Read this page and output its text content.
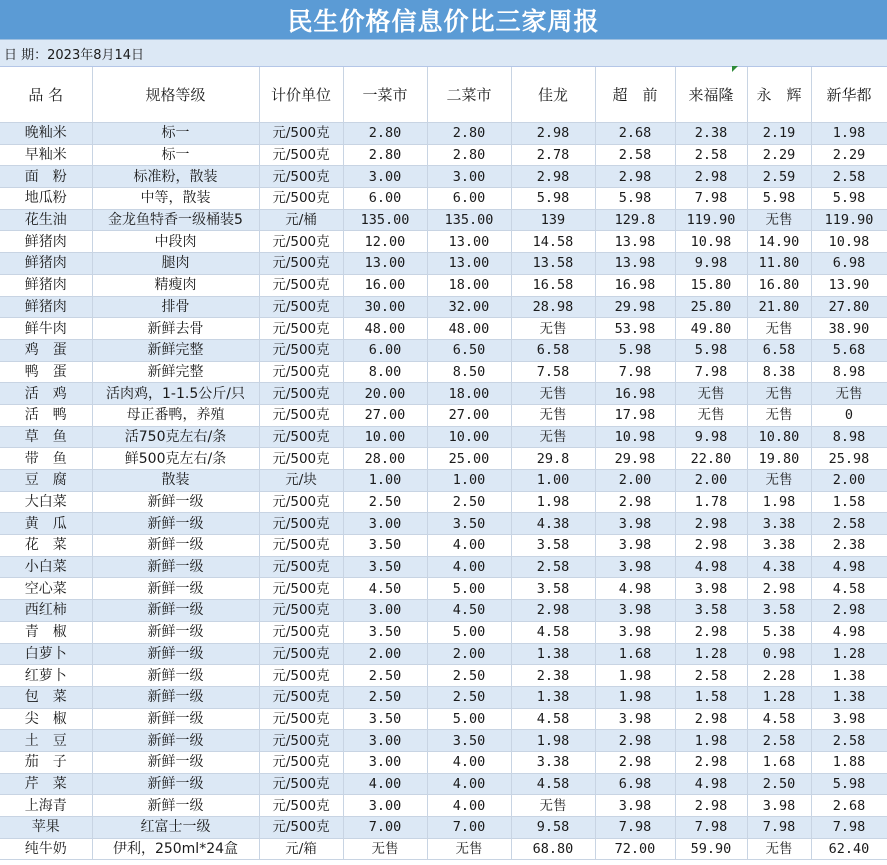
民生价格信息价比三家周报
日 期：2023年8月14日
品 名	规格等级	计价单位	一菜市	二菜市	佳龙	超　前	来福隆	永　辉	新华都
晚籼米	标一	元/500克	2.80	2.80	2.98	2.68	2.38	2.19	1.98
早籼米	标一	元/500克	2.80	2.80	2.78	2.58	2.58	2.29	2.29
面　粉	标准粉，散装	元/500克	3.00	3.00	2.98	2.98	2.98	2.59	2.58
地瓜粉	中等，散装	元/500克	6.00	6.00	5.98	5.98	7.98	5.98	5.98
花生油	金龙鱼特香一级桶装5	元/桶	135.00	135.00	139	129.8	119.90	无售	119.90
鲜猪肉	中段肉	元/500克	12.00	13.00	14.58	13.98	10.98	14.90	10.98
鲜猪肉	腿肉	元/500克	13.00	13.00	13.58	13.98	9.98	11.80	6.98
鲜猪肉	精瘦肉	元/500克	16.00	18.00	16.58	16.98	15.80	16.80	13.90
鲜猪肉	排骨	元/500克	30.00	32.00	28.98	29.98	25.80	21.80	27.80
鲜牛肉	新鲜去骨	元/500克	48.00	48.00	无售	53.98	49.80	无售	38.90
鸡　蛋	新鲜完整	元/500克	6.00	6.50	6.58	5.98	5.98	6.58	5.68
鸭　蛋	新鲜完整	元/500克	8.00	8.50	7.58	7.98	7.98	8.38	8.98
活　鸡	活肉鸡，1-1.5公斤/只	元/500克	20.00	18.00	无售	16.98	无售	无售	无售
活　鸭	母正番鸭，养殖	元/500克	27.00	27.00	无售	17.98	无售	无售	0
草　鱼	活750克左右/条	元/500克	10.00	10.00	无售	10.98	9.98	10.80	8.98
带　鱼	鲜500克左右/条	元/500克	28.00	25.00	29.8	29.98	22.80	19.80	25.98
豆　腐	散装	元/块	1.00	1.00	1.00	2.00	2.00	无售	2.00
大白菜	新鲜一级	元/500克	2.50	2.50	1.98	2.98	1.78	1.98	1.58
黄　瓜	新鲜一级	元/500克	3.00	3.50	4.38	3.98	2.98	3.38	2.58
花　菜	新鲜一级	元/500克	3.50	4.00	3.58	3.98	2.98	3.38	2.38
小白菜	新鲜一级	元/500克	3.50	4.00	2.58	3.98	4.98	4.38	4.98
空心菜	新鲜一级	元/500克	4.50	5.00	3.58	4.98	3.98	2.98	4.58
西红柿	新鲜一级	元/500克	3.00	4.50	2.98	3.98	3.58	3.58	2.98
青　椒	新鲜一级	元/500克	3.50	5.00	4.58	3.98	2.98	5.38	4.98
白萝卜	新鲜一级	元/500克	2.00	2.00	1.38	1.68	1.28	0.98	1.28
红萝卜	新鲜一级	元/500克	2.50	2.50	2.38	1.98	2.58	2.28	1.38
包　菜	新鲜一级	元/500克	2.50	2.50	1.38	1.98	1.58	1.28	1.38
尖　椒	新鲜一级	元/500克	3.50	5.00	4.58	3.98	2.98	4.58	3.98
土　豆	新鲜一级	元/500克	3.00	3.50	1.98	2.98	1.98	2.58	2.58
茄　子	新鲜一级	元/500克	3.00	4.00	3.38	2.98	2.98	1.68	1.88
芹　菜	新鲜一级	元/500克	4.00	4.00	4.58	6.98	4.98	2.50	5.98
上海青	新鲜一级	元/500克	3.00	4.00	无售	3.98	2.98	3.98	2.68
苹果	红富士一级	元/500克	7.00	7.00	9.58	7.98	7.98	7.98	7.98
纯牛奶	伊利，250ml*24盒	元/箱	无售	无售	68.80	72.00	59.90	无售	62.40
